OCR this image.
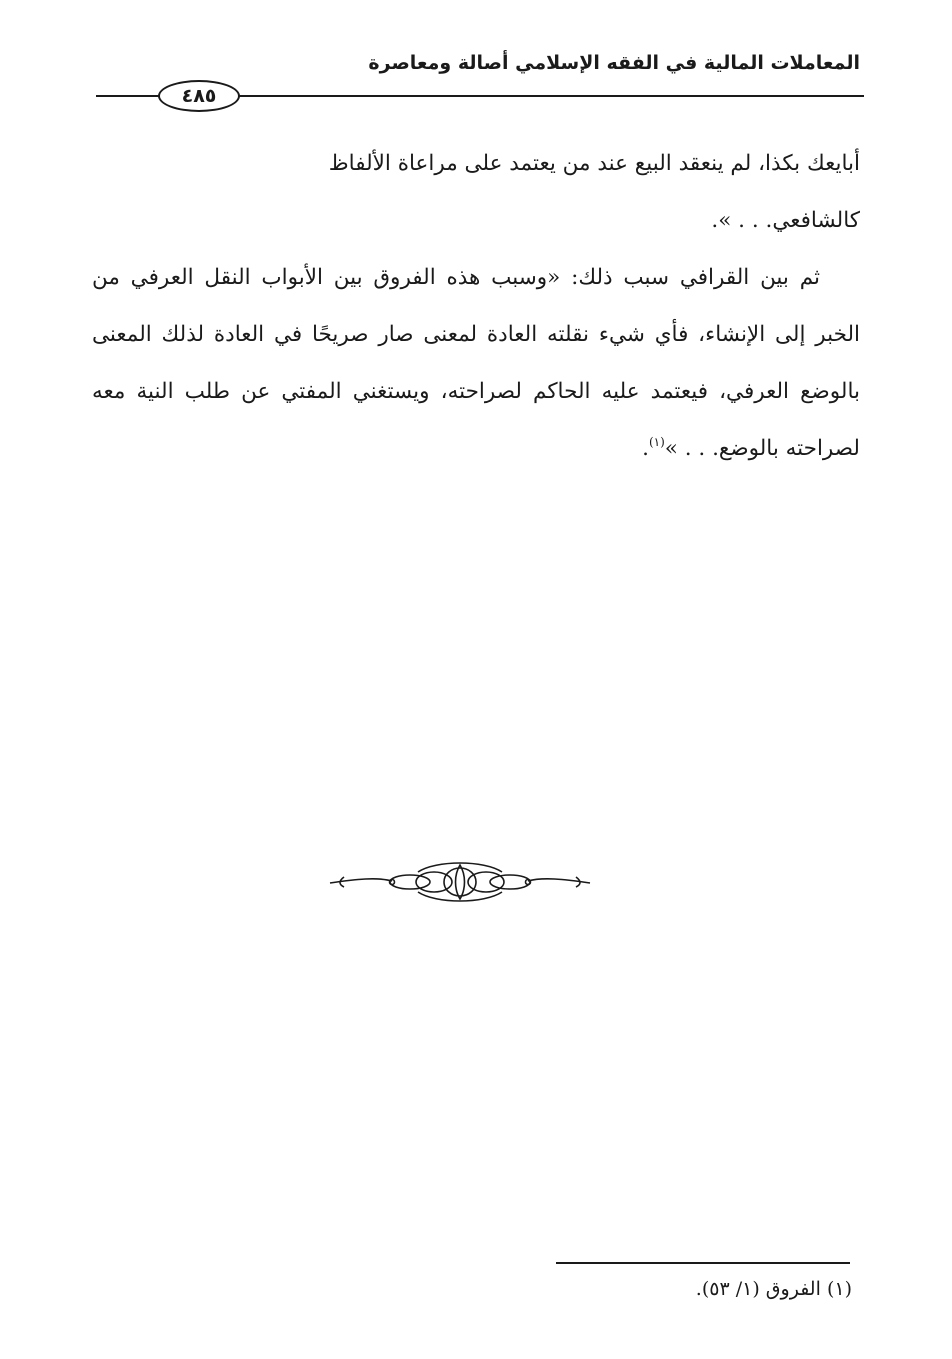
المعاملات المالية في الفقه الإسلامي أصالة ومعاصرة
٤٨٥

أبايعك بكذا، لم ينعقد البيع عند من يعتمد على مراعاة الألفاظ

كالشافعي. . . ».

ثم بين القرافي سبب ذلك: «وسبب هذه الفروق بين الأبواب النقل العرفي من الخبر إلى الإنشاء، فأي شيء نقلته العادة لمعنى صار صريحًا في العادة لذلك المعنى بالوضع العرفي، فيعتمد عليه الحاكم لصراحته، ويستغني المفتي عن طلب النية معه لصراحته بالوضع. . . »$^{(١)}$.

(١) الفروق (١/ ٥٣).
